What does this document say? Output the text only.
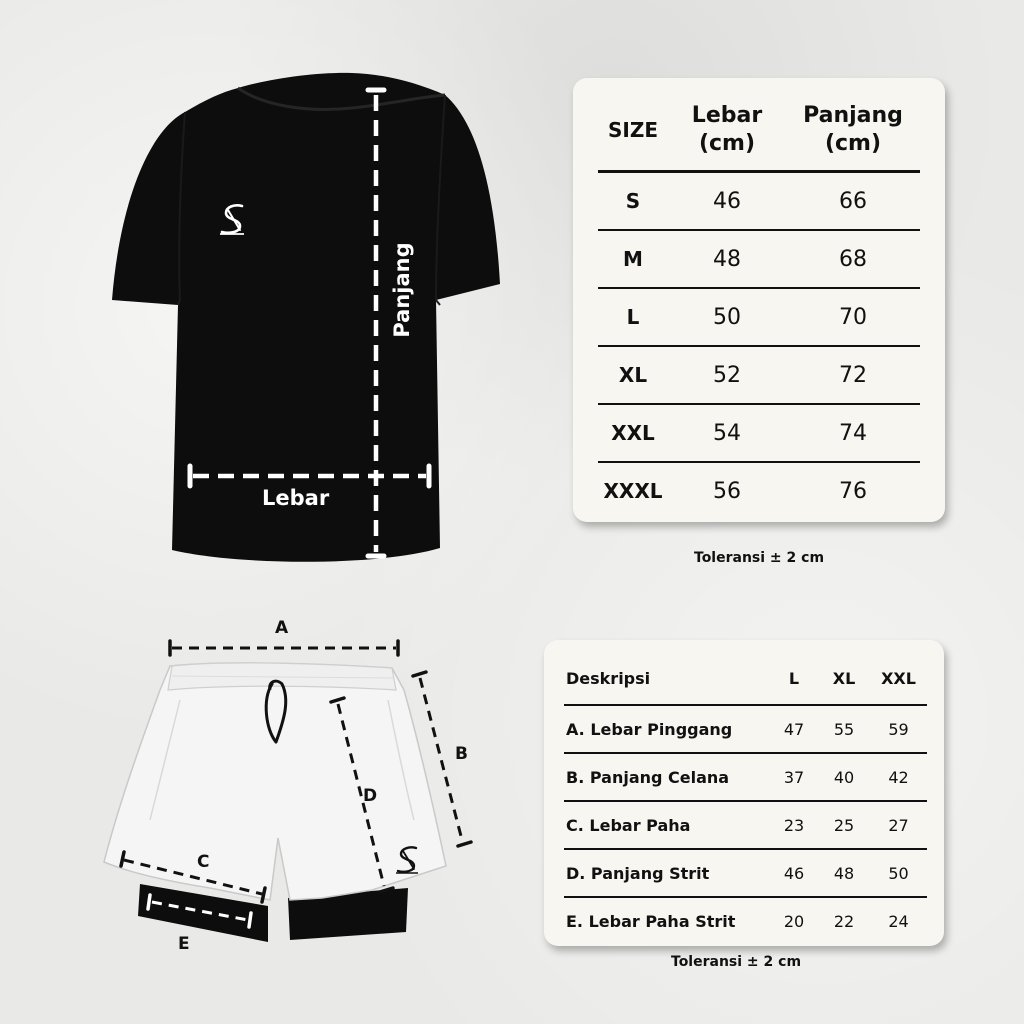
Panjang
Lebar
A
B
C
D
E
SIZE
Lebar
(cm)
Panjang
(cm)
S	46	66
M	48	68
L	50	70
XL	52	72
XXL	54	74
XXXL	56	76
Toleransi ± 2 cm
Deskripsi	L	XL	XXL
A. Lebar Pinggang	47	55	59
B. Panjang Celana	37	40	42
C. Lebar Paha	23	25	27
D. Panjang Strit	46	48	50
E. Lebar Paha Strit	20	22	24
Toleransi ± 2 cm
